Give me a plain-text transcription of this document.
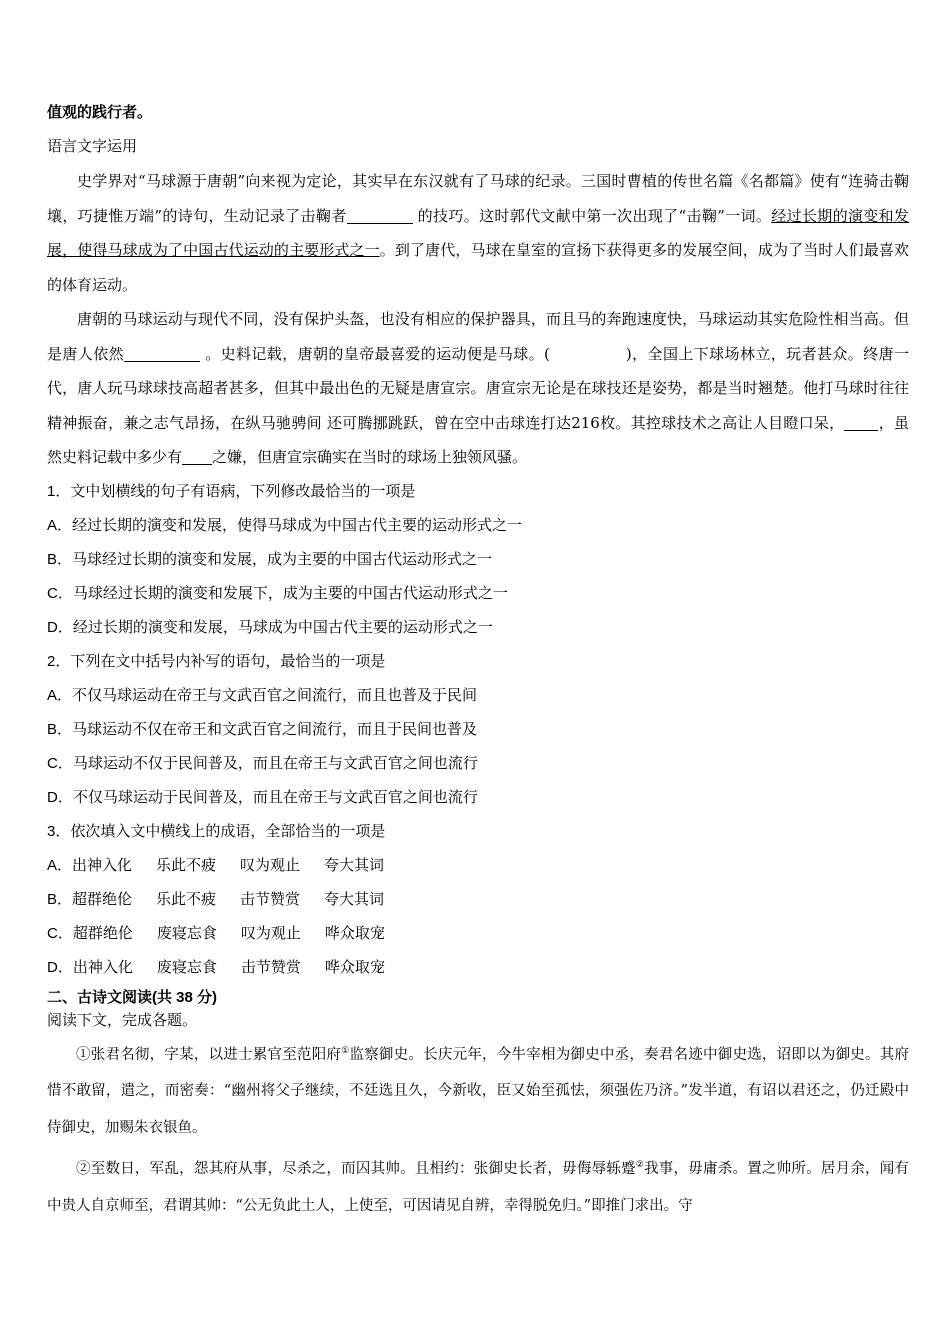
值观的践行者。
语言文字运用

史学界对“马球源于唐朝”向来视为定论，其实早在东汉就有了马球的纪录。三国时曹植的传世名篇《名都篇》使有“连骑击鞠壤，巧捷惟万端”的诗句，生动记录了击鞠者	的技巧。这时郭代文献中第一次出现了“击鞠”一词。经过长期的演变和发展，使得马球成为了中国古代运动的主要形式之一。到了唐代，马球在皇室的宣扬下获得更多的发展空间，成为了当时人们最喜欢的体育运动。

唐朝的马球运动与现代不同，没有保护头盔，也没有相应的保护器具，而且马的奔跑速度快，马球运动其实危险性相当高。但是唐人依然	。史料记载，唐朝的皇帝最喜爱的运动便是马球。(	)，全国上下球场林立，玩者甚众。终唐一代，唐人玩马球球技高超者甚多，但其中最出色的无疑是唐宣宗。唐宣宗无论是在球技还是姿势，都是当时翘楚。他打马球时往往精神振奋，兼之志气昂扬，在纵马驰骋间 还可腾挪跳跃，曾在空中击球连打达216枚。其控球技术之高让人目瞪口呆， ，虽然史料记载中多少有 之嫌，但唐宣宗确实在当时的球场上独领风骚。

1．文中划横线的句子有语病，下列修改最恰当的一项是
A．经过长期的演变和发展，使得马球成为中国古代主要的运动形式之一
B．马球经过长期的演变和发展，成为主要的中国古代运动形式之一
C．马球经过长期的演变和发展下，成为主要的中国古代运动形式之一
D．经过长期的演变和发展，马球成为中国古代主要的运动形式之一
2．下列在文中括号内补写的语句，最恰当的一项是
A．不仅马球运动在帝王与文武百官之间流行，而且也普及于民间
B．马球运动不仅在帝王和文武百官之间流行，而且于民间也普及
C．马球运动不仅于民间普及，而且在帝王与文武百官之间也流行
D．不仅马球运动于民间普及，而且在帝王与文武百官之间也流行
3．依次填入文中横线上的成语，全部恰当的一项是
A．出神入化 乐此不疲 叹为观止 夸大其词
B．超群绝伦 乐此不疲 击节赞赏 夸大其词
C．超群绝伦 废寝忘食 叹为观止 哗众取宠
D．出神入化 废寝忘食 击节赞赏 哗众取宠
二、古诗文阅读(共 38 分)
阅读下文，完成各题。

①张君名彻，字某，以进士累官至范阳府①监察御史。长庆元年，今牛宰相为御史中丞，奏君名迹中御史选，诏即以为御史。其府惜不敢留，遣之，而密奏：“幽州将父子继续，不廷选且久，今新收，臣又始至孤怯，须强佐乃济。”发半道，有诏以君还之，仍迁殿中侍御史，加赐朱衣银鱼。

②至数日，军乱，怨其府从事，尽杀之，而囚其帅。且相约：张御史长者，毋侮辱轹蹙②我事，毋庸杀。置之帅所。居月余，闻有中贵人自京师至，君谓其帅：“公无负此土人，上使至，可因请见自辨，幸得脱免归。”即推门求出。守
